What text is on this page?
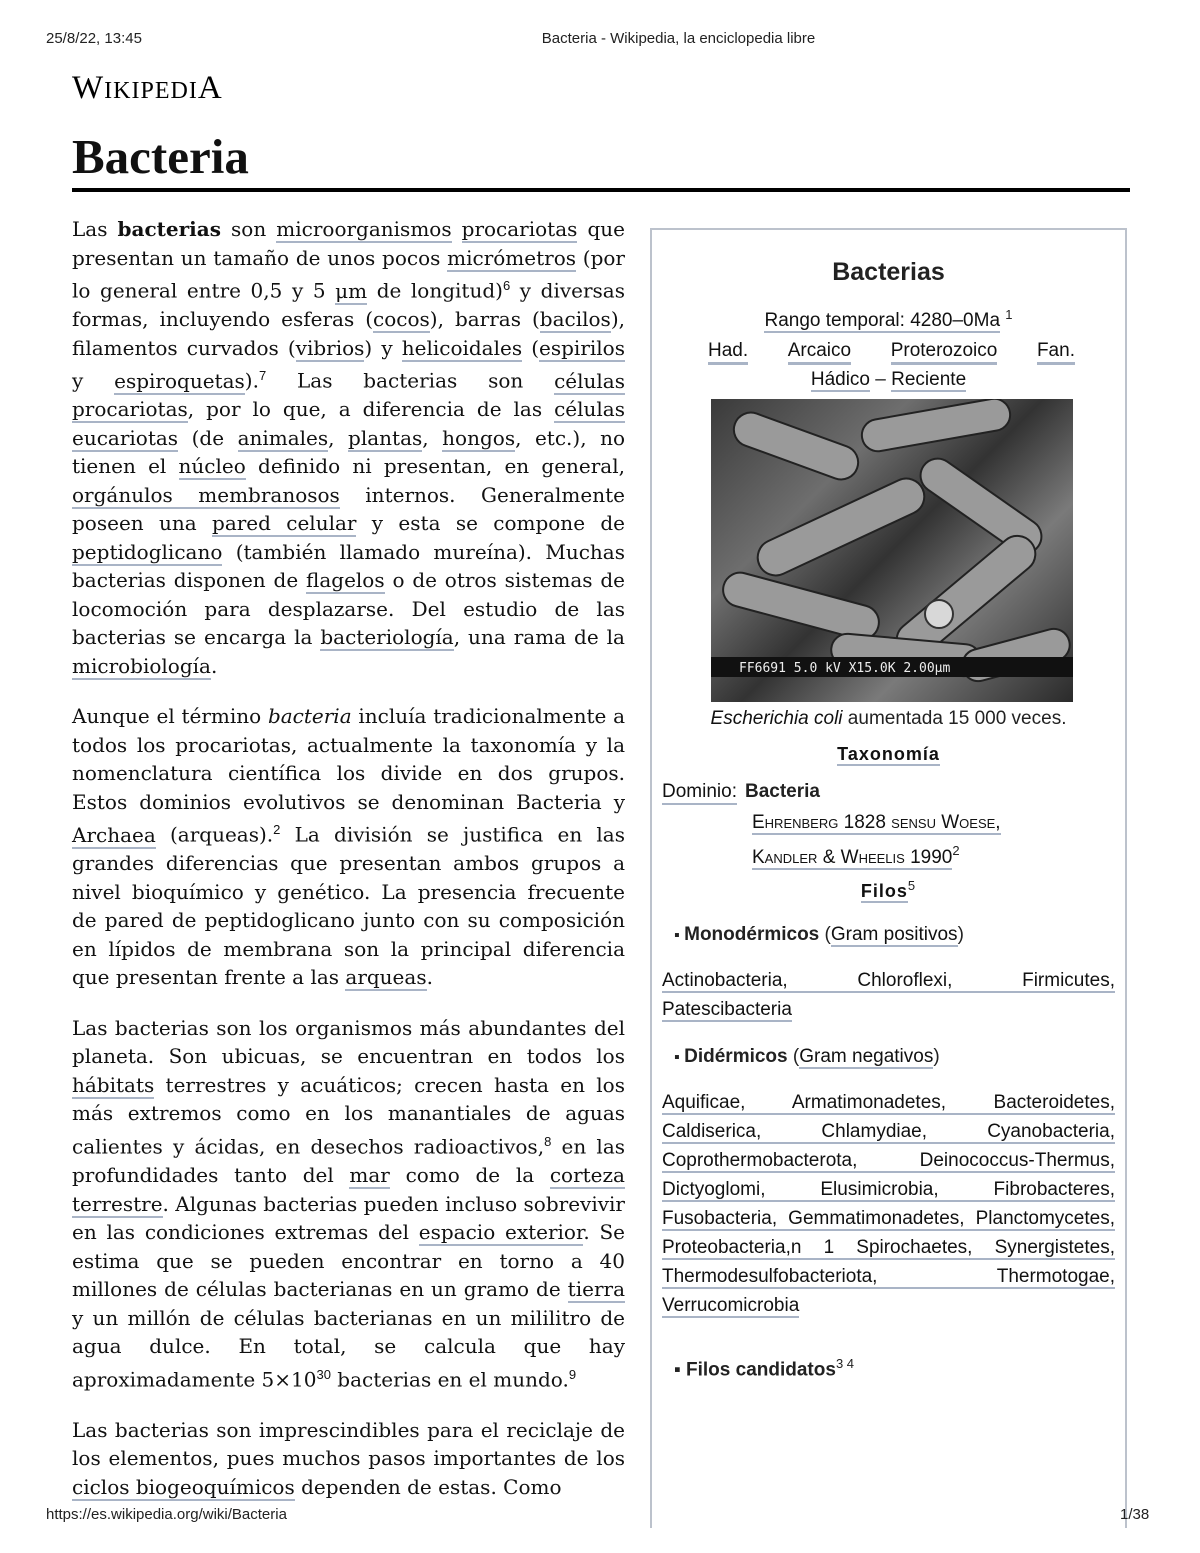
25/8/22, 13:45	Bacteria - Wikipedia, la enciclopedia libre
WIKIPEDIA
Bacteria

Las bacterias son microorganismos procariotas que presentan un tamaño de unos pocos micrómetros (por lo general entre 0,5 y 5 μm de longitud)$^6$ y diversas formas, incluyendo esferas (cocos), barras (bacilos), filamentos curvados (vibrios) y helicoidales (espirilos y espiroquetas).$^7$ Las bacterias son células procariotas, por lo que, a diferencia de las células eucariotas (de animales, plantas, hongos, etc.), no tienen el núcleo definido ni presentan, en general, orgánulos membranosos internos. Generalmente poseen una pared celular y esta se compone de peptidoglicano (también llamado mureína). Muchas bacterias disponen de flagelos o de otros sistemas de locomoción para desplazarse. Del estudio de las bacterias se encarga la bacteriología, una rama de la microbiología.

Aunque el término bacteria incluía tradicionalmente a todos los procariotas, actualmente la taxonomía y la nomenclatura científica los divide en dos grupos. Estos dominios evolutivos se denominan Bacteria y Archaea (arqueas).$^2$ La división se justifica en las grandes diferencias que presentan ambos grupos a nivel bioquímico y genético. La presencia frecuente de pared de peptidoglicano junto con su composición en lípidos de membrana son la principal diferencia que presentan frente a las arqueas.

Las bacterias son los organismos más abundantes del planeta. Son ubicuas, se encuentran en todos los hábitats terrestres y acuáticos; crecen hasta en los más extremos como en los manantiales de aguas calientes y ácidas, en desechos radioactivos,$^8$ en las profundidades tanto del mar como de la corteza terrestre. Algunas bacterias pueden incluso sobrevivir en las condiciones extremas del espacio exterior. Se estima que se pueden encontrar en torno a 40 millones de células bacterianas en un gramo de tierra y un millón de células bacterianas en un mililitro de agua dulce. En total, se calcula que hay aproximadamente $5\times 10^{30}$ bacterias en el mundo.$^9$

Las bacterias son imprescindibles para el reciclaje de los elementos, pues muchos pasos importantes de los ciclos biogeoquímicos dependen de estas. Como

Bacterias
Rango temporal: 4280–0Ma $^1$
Had. Arcaico Proterozoico Fan.
Hádico – Reciente
FF6691 5.0 kV X15.0K 2.00μm
Escherichia coli aumentada 15 000 veces.
Taxonomía
Dominio: Bacteria
Ehrenberg 1828 sensu Woese,
Kandler & Wheelis 1990$^2$
Filos$^5$
▪ Monodérmicos (Gram positivos)
Actinobacteria, Chloroflexi, Firmicutes, Patescibacteria
▪ Didérmicos (Gram negativos)
Aquificae, Armatimonadetes, Bacteroidetes, Caldiserica, Chlamydiae, Cyanobacteria, Coprothermobacterota, Deinococcus-Thermus, Dictyoglomi, Elusimicrobia, Fibrobacteres, Fusobacteria, Gemmatimonadetes, Planctomycetes, Proteobacteria,n 1 Spirochaetes, Synergistetes, Thermodesulfobacteriota, Thermotogae, Verrucomicrobia
▪ Filos candidatos$^{3 4}$
https://es.wikipedia.org/wiki/Bacteria	1/38
